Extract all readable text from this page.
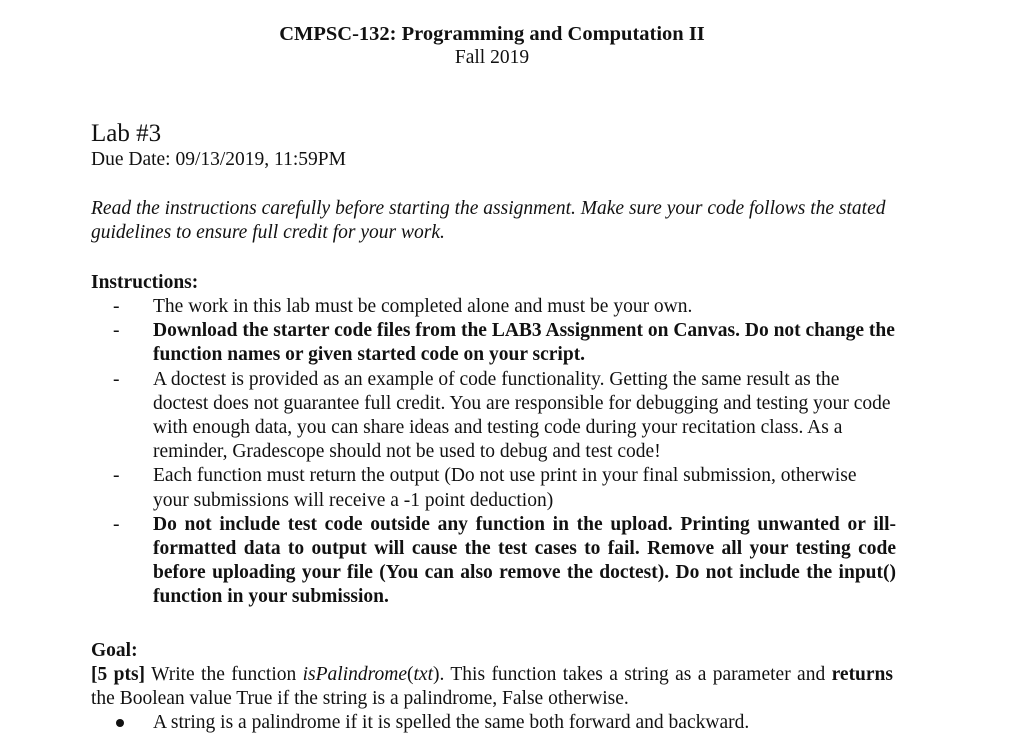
CMPSC-132: Programming and Computation II
Fall 2019
Lab #3
Due Date: 09/13/2019, 11:59PM

Read the instructions carefully before starting the assignment. Make sure your code follows the stated guidelines to ensure full credit for your work.

Instructions:
- The work in this lab must be completed alone and must be your own.
- Download the starter code files from the LAB3 Assignment on Canvas. Do not change the function names or given started code on your script.
- A doctest is provided as an example of code functionality. Getting the same result as the doctest does not guarantee full credit. You are responsible for debugging and testing your code with enough data, you can share ideas and testing code during your recitation class. As a reminder, Gradescope should not be used to debug and test code!
- Each function must return the output (Do not use print in your final submission, otherwise your submissions will receive a -1 point deduction)
- Do not include test code outside any function in the upload. Printing unwanted or ill-formatted data to output will cause the test cases to fail. Remove all your testing code before uploading your file (You can also remove the doctest). Do not include the input() function in your submission.
Goal:

[5 pts] Write the function isPalindrome(txt). This function takes a string as a parameter and returns the Boolean value True if the string is a palindrome, False otherwise.

A string is a palindrome if it is spelled the same both forward and backward.
